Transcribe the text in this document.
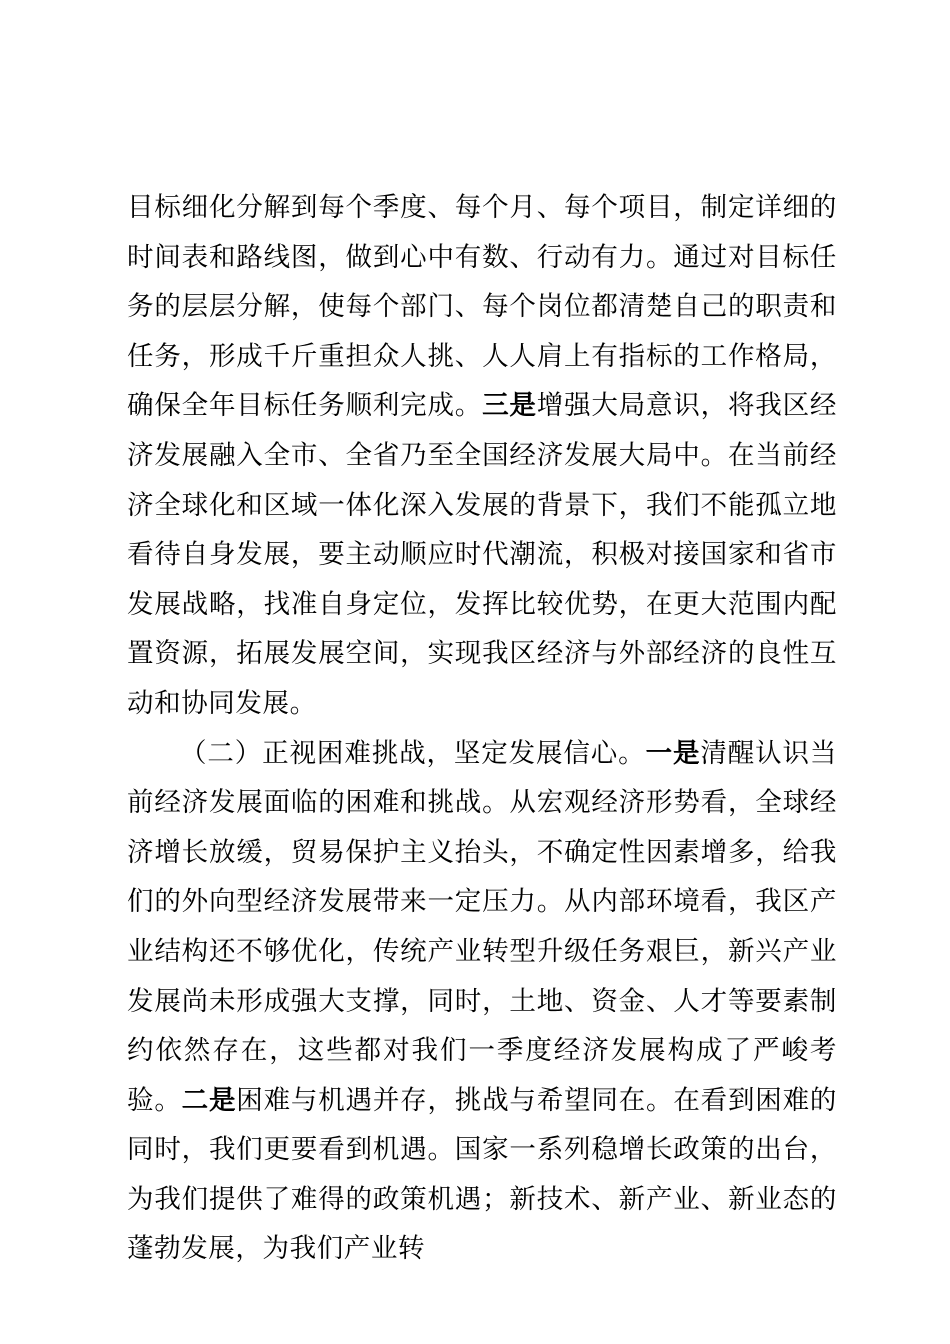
目标细化分解到每个季度、每个月、每个项目，制定详细的时间表和路线图，做到心中有数、行动有力。通过对目标任务的层层分解，使每个部门、每个岗位都清楚自己的职责和任务，形成千斤重担众人挑、人人肩上有指标的工作格局，确保全年目标任务顺利完成。三是增强大局意识，将我区经济发展融入全市、全省乃至全国经济发展大局中。在当前经济全球化和区域一体化深入发展的背景下，我们不能孤立地看待自身发展，要主动顺应时代潮流，积极对接国家和省市发展战略，找准自身定位，发挥比较优势，在更大范围内配置资源，拓展发展空间，实现我区经济与外部经济的良性互动和协同发展。

（二）正视困难挑战，坚定发展信心。一是清醒认识当前经济发展面临的困难和挑战。从宏观经济形势看，全球经济增长放缓，贸易保护主义抬头，不确定性因素增多，给我们的外向型经济发展带来一定压力。从内部环境看，我区产业结构还不够优化，传统产业转型升级任务艰巨，新兴产业发展尚未形成强大支撑，同时，土地、资金、人才等要素制约依然存在，这些都对我们一季度经济发展构成了严峻考验。二是困难与机遇并存，挑战与希望同在。在看到困难的同时，我们更要看到机遇。国家一系列稳增长政策的出台，为我们提供了难得的政策机遇；新技术、新产业、新业态的蓬勃发展，为我们产业转
